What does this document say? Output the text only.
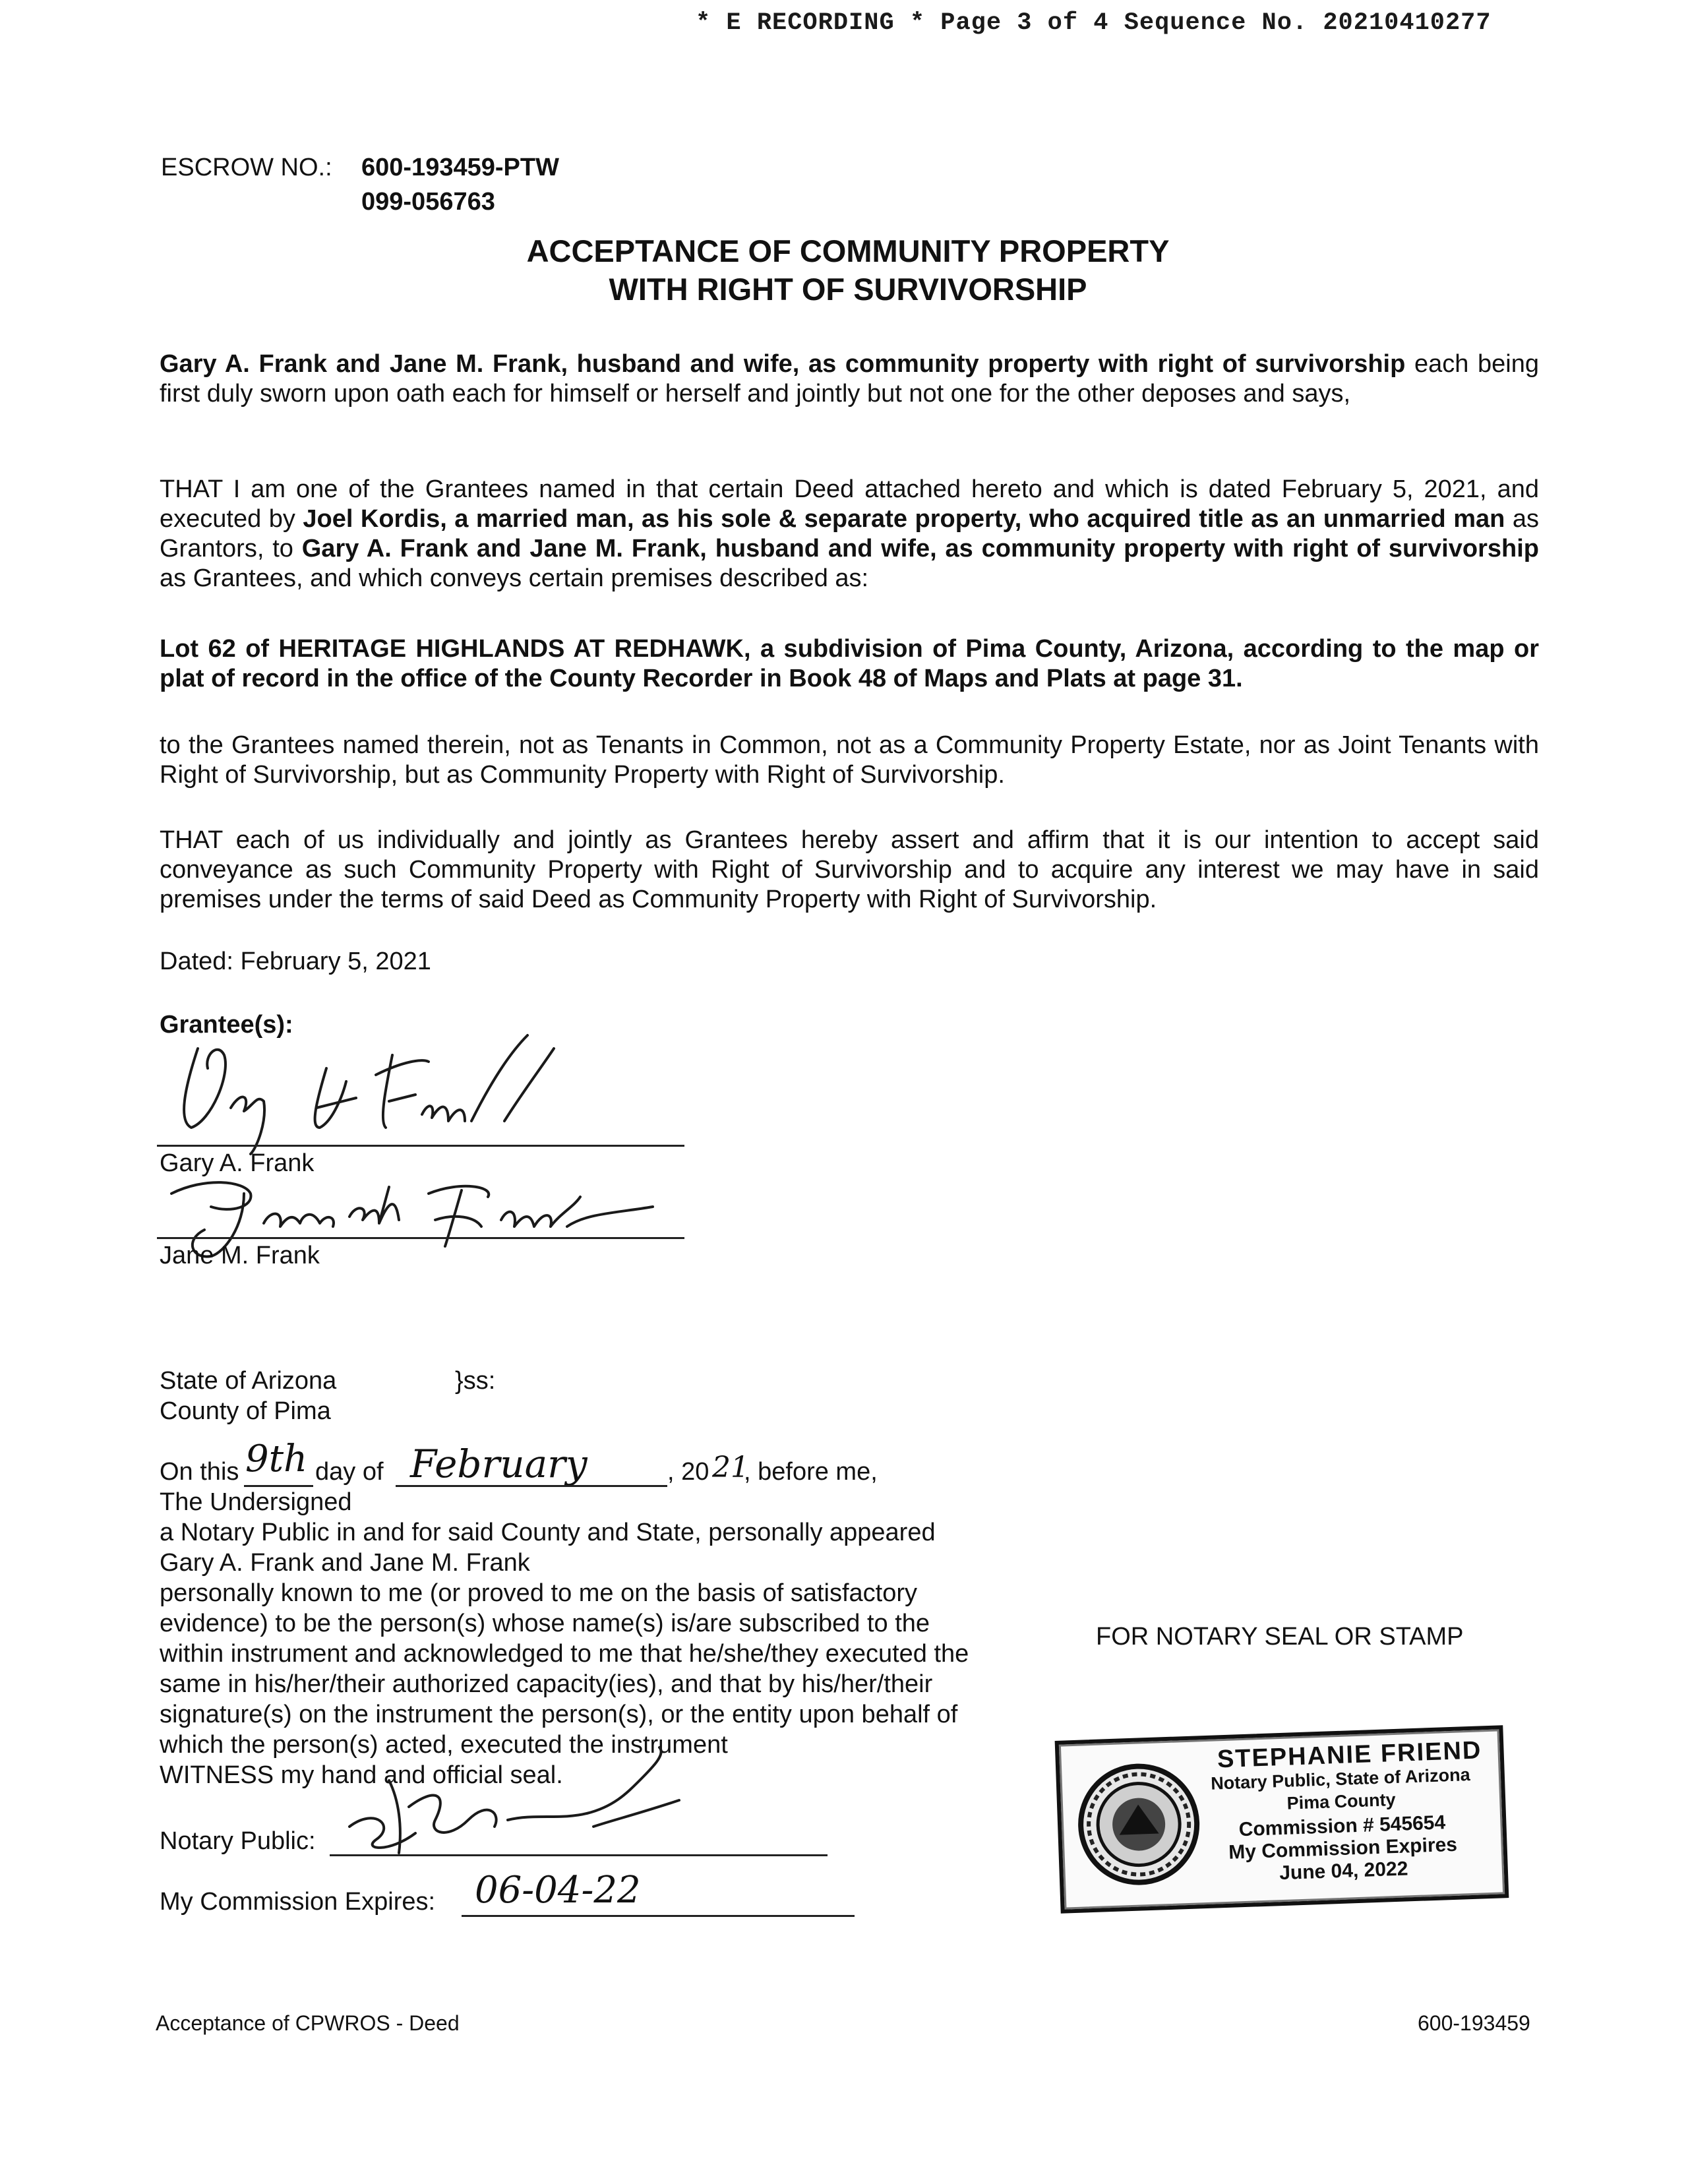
* E RECORDING * Page 3 of 4 Sequence No. 20210410277
ESCROW NO.: 600-193459-PTW
099-056763
ACCEPTANCE OF COMMUNITY PROPERTY
WITH RIGHT OF SURVIVORSHIP
Gary A. Frank and Jane M. Frank, husband and wife, as community property with right of survivorship each being first duly sworn upon oath each for himself or herself and jointly but not one for the other deposes and says,
THAT I am one of the Grantees named in that certain Deed attached hereto and which is dated February 5, 2021, and executed by Joel Kordis, a married man, as his sole & separate property, who acquired title as an unmarried man as Grantors, to Gary A. Frank and Jane M. Frank, husband and wife, as community property with right of survivorship as Grantees, and which conveys certain premises described as:
Lot 62 of HERITAGE HIGHLANDS AT REDHAWK, a subdivision of Pima County, Arizona, according to the map or plat of record in the office of the County Recorder in Book 48 of Maps and Plats at page 31.
to the Grantees named therein, not as Tenants in Common, not as a Community Property Estate, nor as Joint Tenants with Right of Survivorship, but as Community Property with Right of Survivorship.
THAT each of us individually and jointly as Grantees hereby assert and affirm that it is our intention to accept said conveyance as such Community Property with Right of Survivorship and to acquire any interest we may have in said premises under the terms of said Deed as Community Property with Right of Survivorship.
Dated: February 5, 2021
Grantee(s):
Gary A. Frank
Jane M. Frank
State of Arizona	}ss:
County of Pima
On this 9th day of February	, 20 21
, before me,
The Undersigned
a Notary Public in and for said County and State, personally appeared
Gary A. Frank and Jane M. Frank
personally known to me (or proved to me on the basis of satisfactory
evidence) to be the person(s) whose name(s) is/are subscribed to the
within instrument and acknowledged to me that he/she/they executed the
same in his/her/their authorized capacity(ies), and that by his/her/their
signature(s) on the instrument the person(s), or the entity upon behalf of
which the person(s) acted, executed the instrument
WITNESS my hand and official seal.
Notary Public:
My Commission Expires: 06-04-22
FOR NOTARY SEAL OR STAMP
STEPHANIE FRIEND
Notary Public, State of Arizona
Pima County
Commission # 545654
My Commission Expires
June 04, 2022
Acceptance of CPWROS - Deed	600-193459
